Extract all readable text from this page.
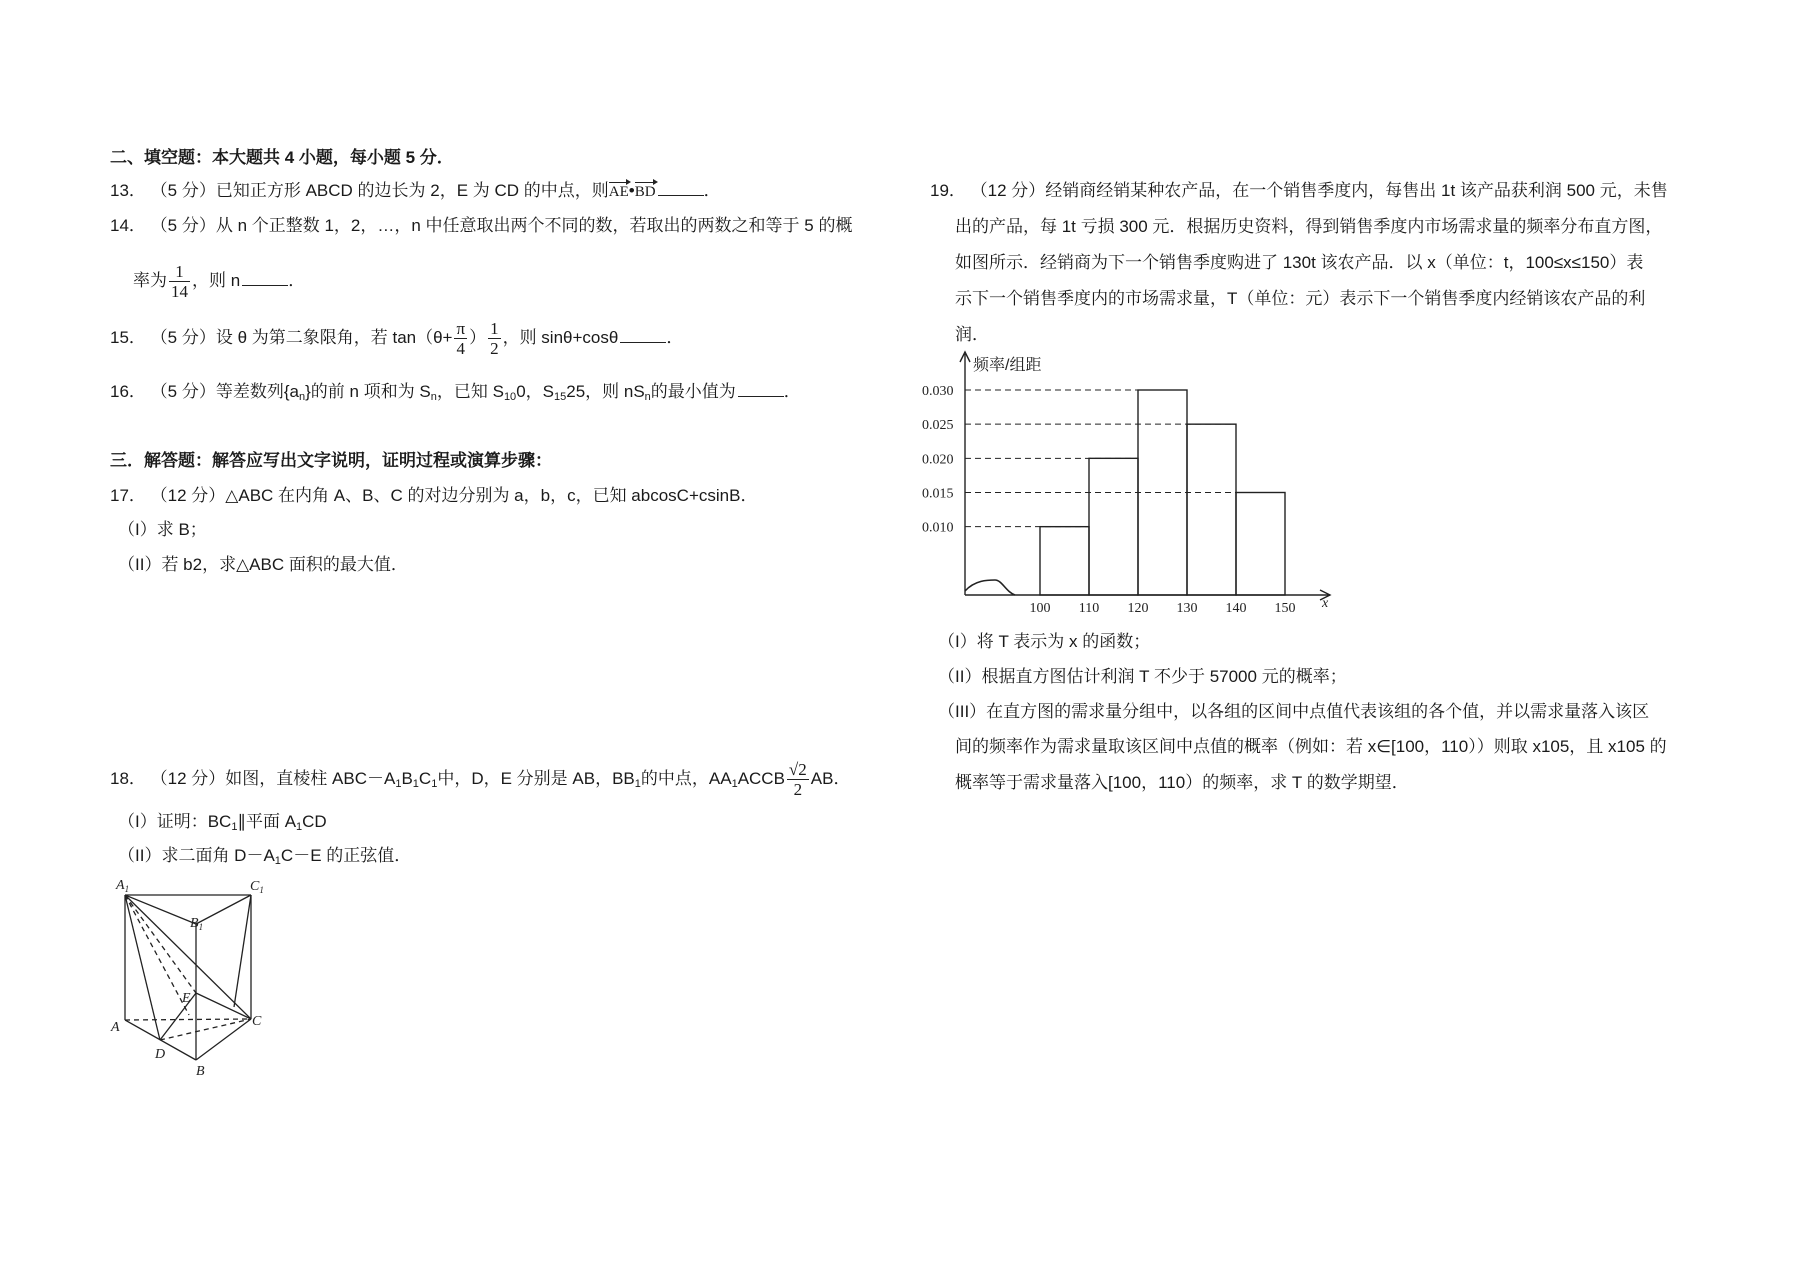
二、填空题：本大题共 4 小题，每小题 5 分．
13． （5 分）已知正方形 ABCD 的边长为 2，E 为 CD 的中点，则AE•BD	．
14． （5 分）从 n 个正整数 1，2，…，n 中任意取出两个不同的数，若取出的两数之和等于 5 的概
率为 $\frac{1}{14}$ ，则 n	．
15． （5 分）设 θ 为第二象限角，若 $\tan(\theta+ \frac{\pi}{4}$ ） $\frac{1}{2}$ ，则 sinθ+cosθ	．
16． （5 分）等差数列$\{a_n\}$的前 n 项和为 $S_n$，已知 $S_{10}0$，$S_{15}25$，则 $nS_n$的最小值为	．
三．解答题：解答应写出文字说明，证明过程或演算步骤：
17． （12 分）△ABC 在内角 A、B、C 的对边分别为 a，b，c，已知 abcosC+csinB．
（I）求 B；
（II）若 b2，求△ABC 面积的最大值．
18． （12 分）如图，直棱柱 $ABC-A_1B_1C_1$中，D，E 分别是 AB，$BB_1$的中点，$AA_1ACCB \frac{√2}{2}$ AB．
（I）证明：$BC_1\parallel$平面 $A_1CD$
（II）求二面角 $D-A_1C-E$ 的正弦值．
$A_1$	$C_1$
$B_1$
E
A	C
D
B
19． （12 分）经销商经销某种农产品，在一个销售季度内，每售出 1t 该产品获利润 500 元，未售
出的产品，每 1t 亏损 300 元．根据历史资料，得到销售季度内市场需求量的频率分布直方图，
如图所示．经销商为下一个销售季度购进了 130t 该农产品．以 x（单位：t，100≤x≤150）表
示下一个销售季度内的市场需求量，T（单位：元）表示下一个销售季度内经销该农产品的利
润．
0.010
0.015
0.020
0.025
0.030
100 110 120 130 140 150
频率/组距
x
（I）将 T 表示为 x 的函数；
（II）根据直方图估计利润 T 不少于 57000 元的概率；
（III）在直方图的需求量分组中，以各组的区间中点值代表该组的各个值，并以需求量落入该区
间的频率作为需求量取该区间中点值的概率（例如：若 x∈[100，110））则取 x105，且 x105 的
概率等于需求量落入[100，110）的频率，求 T 的数学期望．
